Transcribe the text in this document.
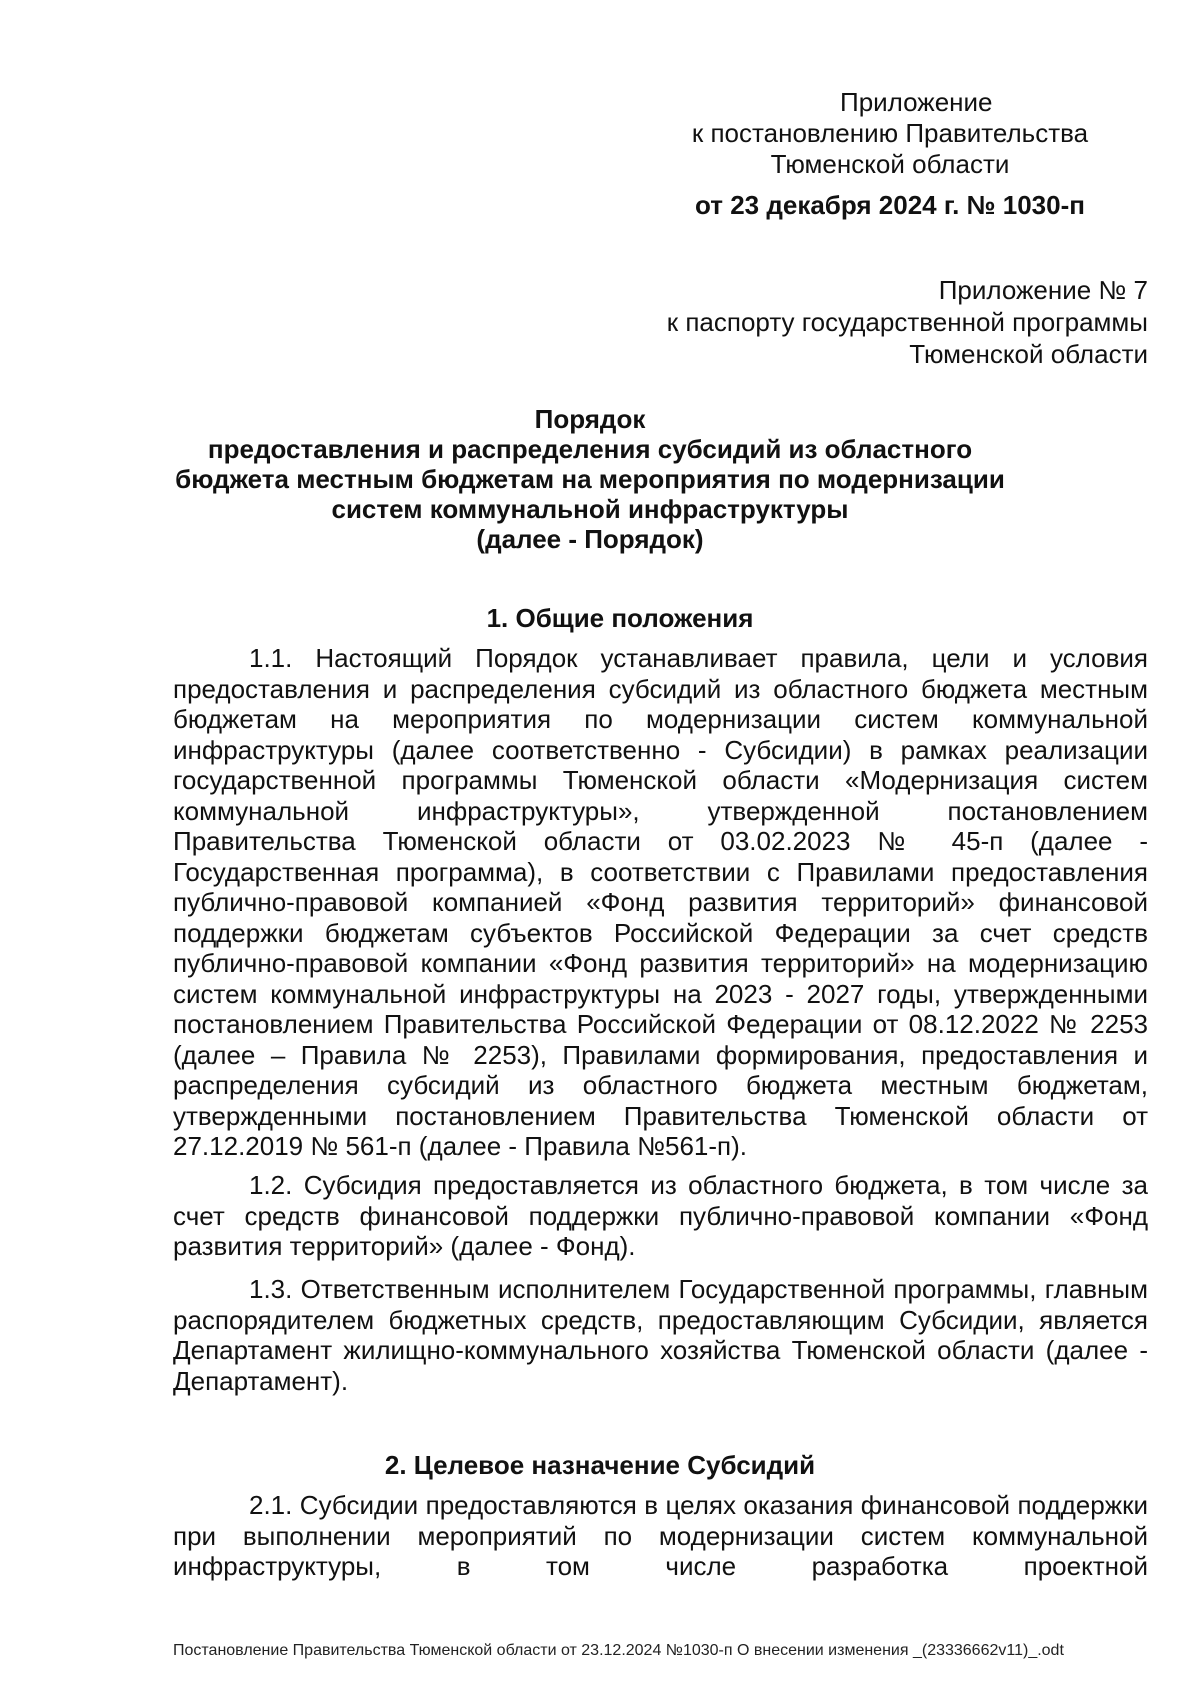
Приложение
к постановлению Правительства
Тюменской области
от 23 декабря 2024 г. № 1030-п
Приложение № 7
к паспорту государственной программы
Тюменской области
Порядок
предоставления и распределения субсидий из областного
бюджета местным бюджетам на мероприятия по модернизации
систем коммунальной инфраструктуры
(далее - Порядок)
1. Общие положения

1.1. Настоящий Порядок устанавливает правила, цели и условия предоставления и распределения субсидий из областного бюджета местным бюджетам на мероприятия по модернизации систем коммунальной инфраструктуры (далее соответственно - Субсидии) в рамках реализации государственной программы Тюменской области «Модернизация систем коммунальной инфраструктуры», утвержденной постановлением Правительства Тюменской области от 03.02.2023 № 45-п (далее - Государственная программа), в соответствии с Правилами предоставления публично-правовой компанией «Фонд развития территорий» финансовой поддержки бюджетам субъектов Российской Федерации за счет средств публично-правовой компании «Фонд развития территорий» на модернизацию систем коммунальной инфраструктуры на 2023 - 2027 годы, утвержденными постановлением Правительства Российской Федерации от 08.12.2022 № 2253 (далее – Правила № 2253), Правилами формирования, предоставления и распределения субсидий из областного бюджета местным бюджетам, утвержденными постановлением Правительства Тюменской области от 27.12.2019 № 561-п (далее - Правила №561-п).

1.2. Субсидия предоставляется из областного бюджета, в том числе за счет средств финансовой поддержки публично-правовой компании «Фонд развития территорий» (далее - Фонд).

1.3. Ответственным исполнителем Государственной программы, главным распорядителем бюджетных средств, предоставляющим Субсидии, является Департамент жилищно-коммунального хозяйства Тюменской области (далее - Департамент).

2. Целевое назначение Субсидий

2.1. Субсидии предоставляются в целях оказания финансовой поддержки при выполнении мероприятий по модернизации систем коммунальной инфраструктуры, в том числе разработка проектной

Постановление Правительства Тюменской области от 23.12.2024 №1030-п О внесении изменения _(23336662v11)_.odt
